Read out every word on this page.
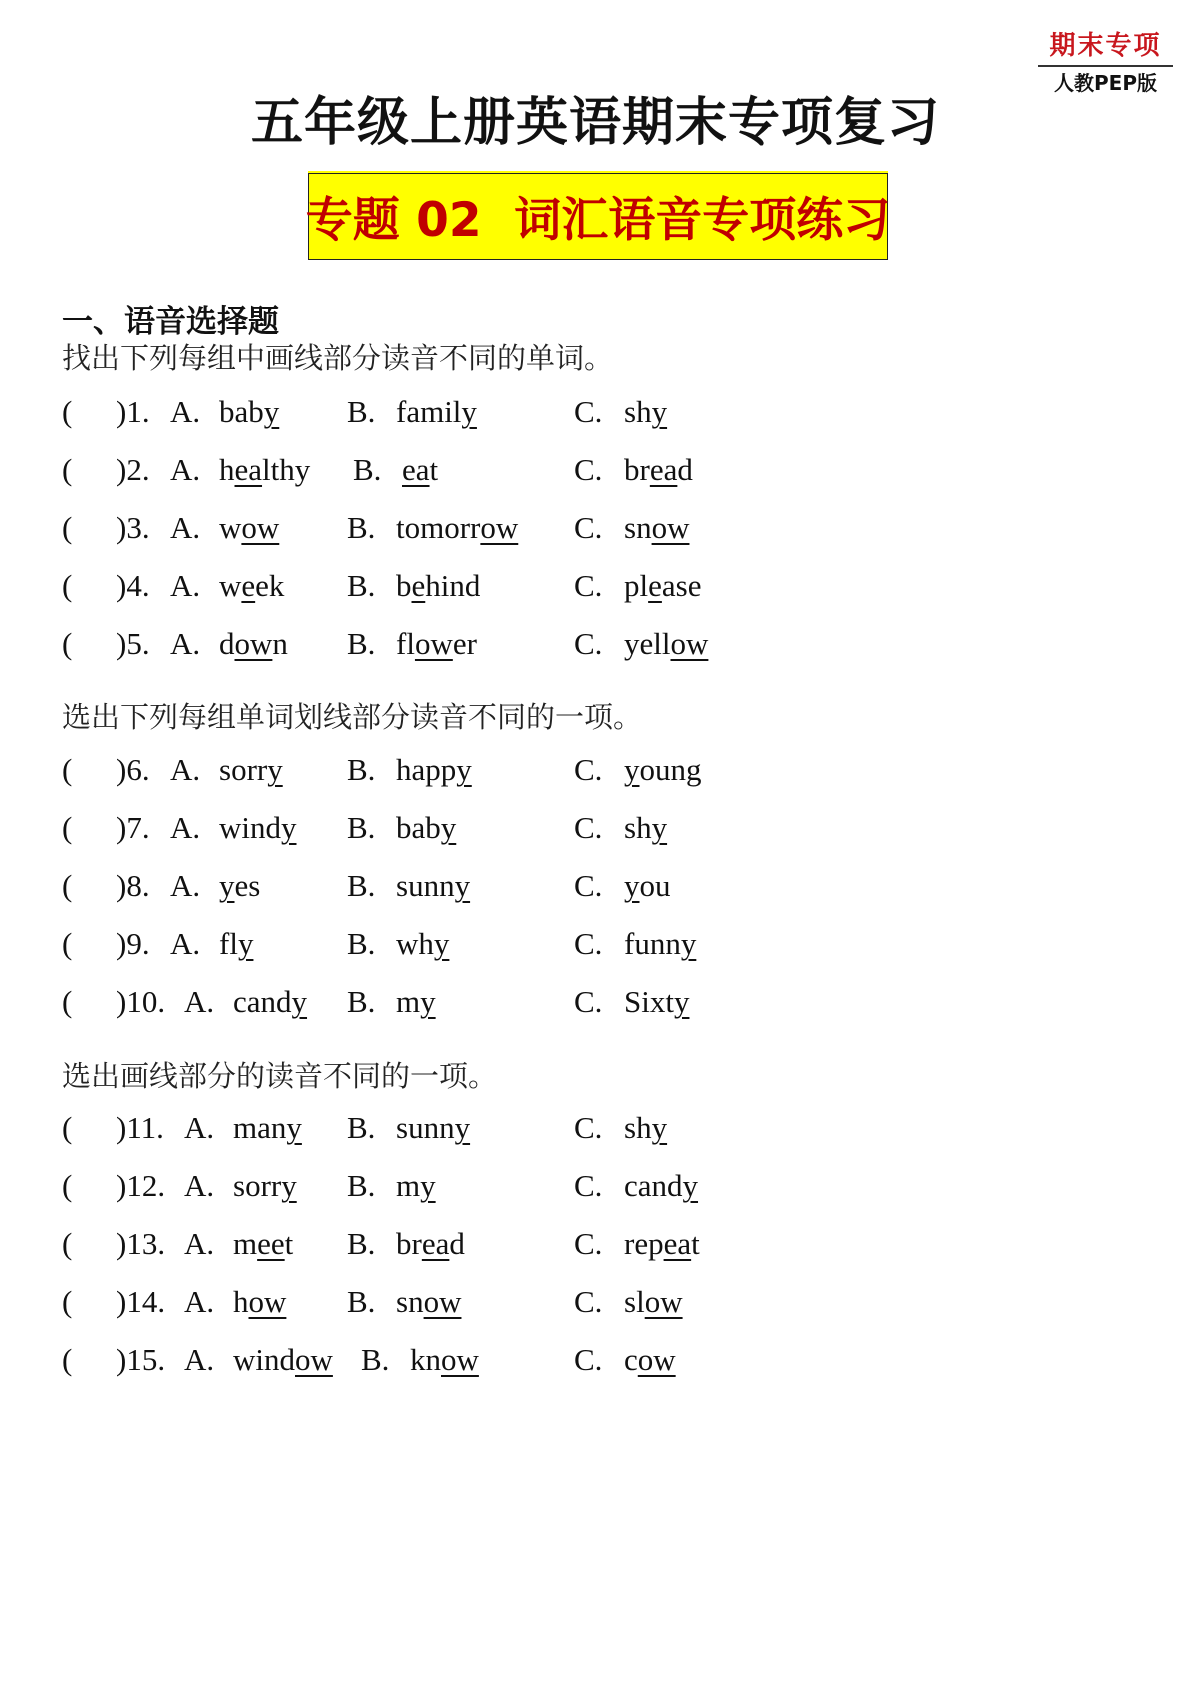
期末专项
人教PEP版
五年级上册英语期末专项复习
专题 02  词汇语音专项练习
一、语音选择题
找出下列每组中画线部分读音不同的单词。
( )1. A. baby B. family	C. shy
( )2. A. healthy B. eat	C. bread
( )3. A. wow B. tomorrow C. snow
( )4. A. week B. behind	C. please
( )5. A. down B. flower	C. yellow
选出下列每组单词划线部分读音不同的一项。
( )6. A. sorry B. happy	C. young
( )7. A. windy B. baby	C. shy
( )8. A. yes	B. sunny	C. you
( )9. A. fly	B. why	C. funny
( )10. A. candy B. my	C. Sixty
选出画线部分的读音不同的一项。
( )11. A. many B. sunny	C. shy
( )12. A. sorry B. my	C. candy
( )13. A. meet B. bread	C. repeat
( )14. A. how B. snow	C. slow
( )15. A. window B. know	C. cow
